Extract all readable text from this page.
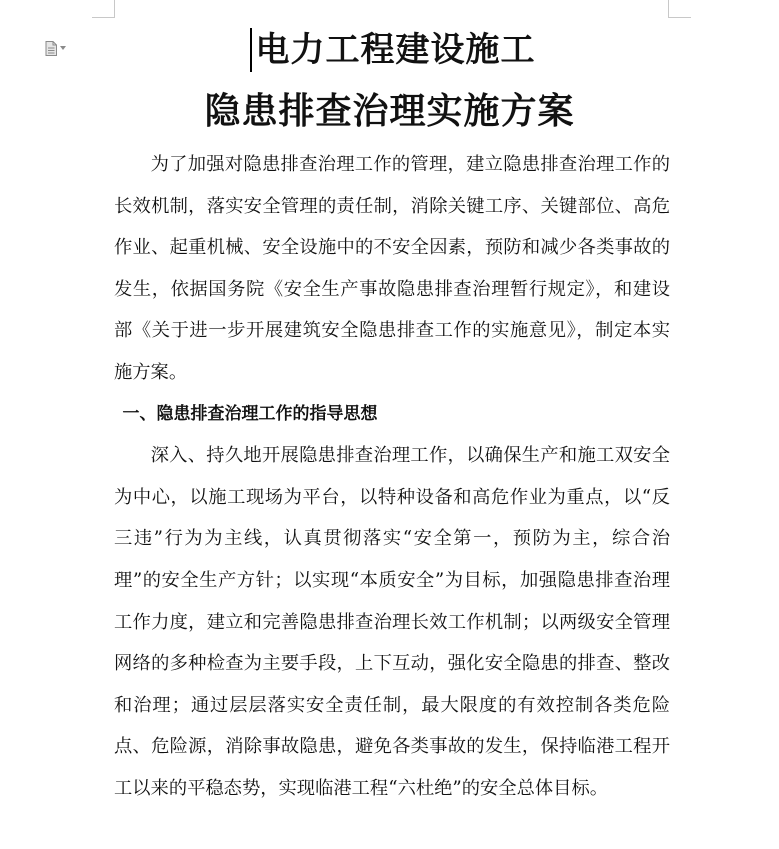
电力工程建设施工
隐患排查治理实施方案

为了加强对隐患排查治理工作的管理，建立隐患排查治理工作的长效机制，落实安全管理的责任制，消除关键工序、关键部位、高危作业、起重机械、安全设施中的不安全因素，预防和减少各类事故的发生，依据国务院《安全生产事故隐患排查治理暂行规定》，和建设部《关于进一步开展建筑安全隐患排查工作的实施意见》，制定本实施方案。

一、隐患排查治理工作的指导思想

深入、持久地开展隐患排查治理工作，以确保生产和施工双安全为中心，以施工现场为平台，以特种设备和高危作业为重点，以“反三违”行为为主线，认真贯彻落实“安全第一，预防为主，综合治理”的安全生产方针；以实现“本质安全”为目标，加强隐患排查治理工作力度，建立和完善隐患排查治理长效工作机制；以两级安全管理网络的多种检查为主要手段，上下互动，强化安全隐患的排查、整改和治理；通过层层落实安全责任制，最大限度的有效控制各类危险点、危险源，消除事故隐患，避免各类事故的发生，保持临港工程开工以来的平稳态势，实现临港工程“六杜绝”的安全总体目标。
